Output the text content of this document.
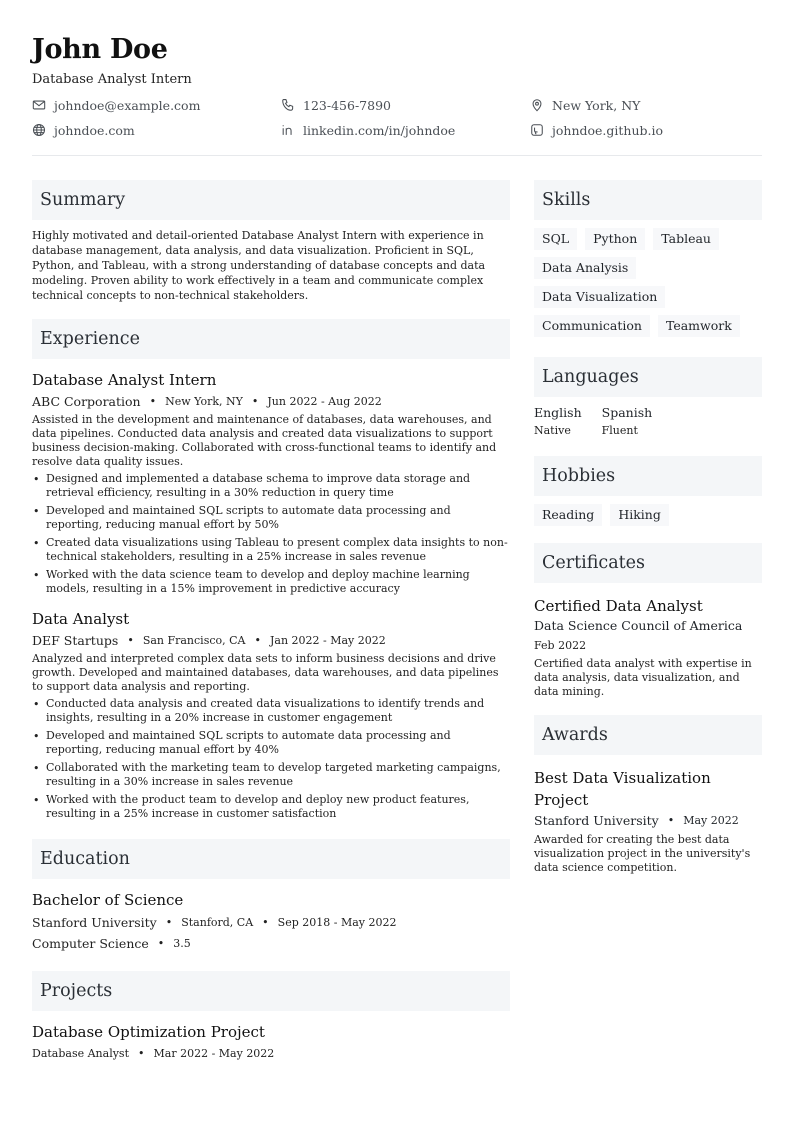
John Doe
Database Analyst Intern
johndoe@example.com	123-456-7890	New York, NY
johndoe.com	linkedin.com/in/johndoe	johndoe.github.io
Summary
Highly motivated and detail-oriented Database Analyst Intern with experience in database management, data analysis, and data visualization. Proficient in SQL, Python, and Tableau, with a strong understanding of database concepts and data modeling. Proven ability to work effectively in a team and communicate complex technical concepts to non-technical stakeholders.
Experience
Database Analyst Intern
ABC Corporation • New York, NY • Jun 2022 - Aug 2022
Assisted in the development and maintenance of databases, data warehouses, and data pipelines. Conducted data analysis and created data visualizations to support business decision-making. Collaborated with cross-functional teams to identify and resolve data quality issues.
• Designed and implemented a database schema to improve data storage and retrieval efficiency, resulting in a 30% reduction in query time
• Developed and maintained SQL scripts to automate data processing and reporting, reducing manual effort by 50%
• Created data visualizations using Tableau to present complex data insights to non-technical stakeholders, resulting in a 25% increase in sales revenue
• Worked with the data science team to develop and deploy machine learning models, resulting in a 15% improvement in predictive accuracy
Data Analyst
DEF Startups • San Francisco, CA • Jan 2022 - May 2022
Analyzed and interpreted complex data sets to inform business decisions and drive growth. Developed and maintained databases, data warehouses, and data pipelines to support data analysis and reporting.
• Conducted data analysis and created data visualizations to identify trends and insights, resulting in a 20% increase in customer engagement
• Developed and maintained SQL scripts to automate data processing and reporting, reducing manual effort by 40%
• Collaborated with the marketing team to develop targeted marketing campaigns, resulting in a 30% increase in sales revenue
• Worked with the product team to develop and deploy new product features, resulting in a 25% increase in customer satisfaction
Education
Bachelor of Science
Stanford University • Stanford, CA • Sep 2018 - May 2022
Computer Science • 3.5
Projects
Database Optimization Project
Database Analyst • Mar 2022 - May 2022
Skills
SQL	Python	Tableau
Data Analysis
Data Visualization
Communication	Teamwork
Languages
English
Native
Spanish
Fluent
Hobbies
Reading	Hiking
Certificates
Certified Data Analyst
Data Science Council of America
Feb 2022
Certified data analyst with expertise in data analysis, data visualization, and data mining.
Awards
Best Data Visualization Project
Stanford University • May 2022
Awarded for creating the best data visualization project in the university's data science competition.
